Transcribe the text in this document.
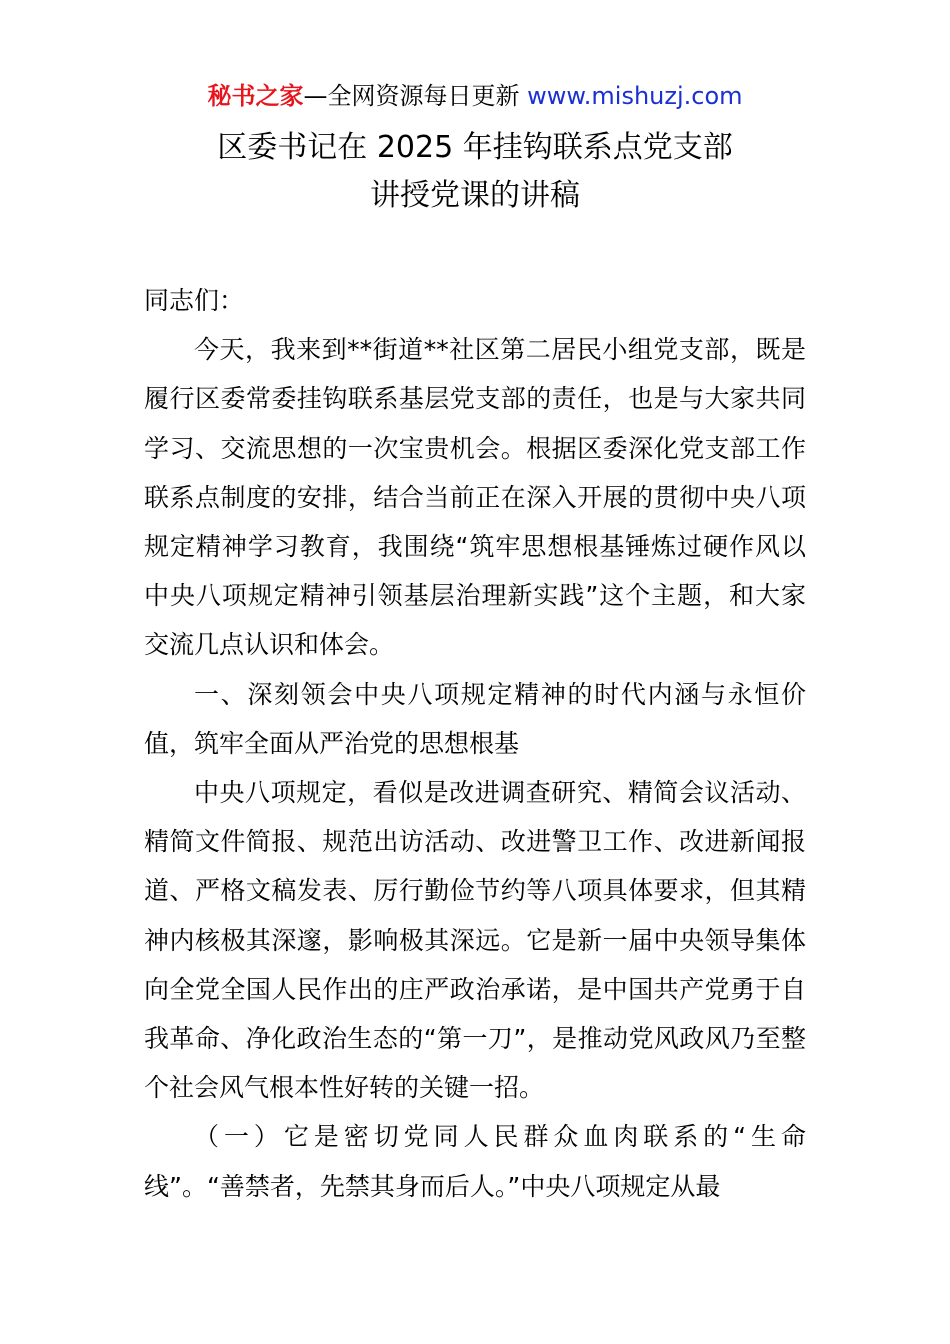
秘书之家—全网资源每日更新 www.mishuzj.com
区委书记在 2025 年挂钩联系点党支部
讲授党课的讲稿

同志们：

今天，我来到**街道**社区第二居民小组党支部，既是履行区委常委挂钩联系基层党支部的责任，也是与大家共同学习、交流思想的一次宝贵机会。根据区委深化党支部工作联系点制度的安排，结合当前正在深入开展的贯彻中央八项规定精神学习教育，我围绕“筑牢思想根基锤炼过硬作风以中央八项规定精神引领基层治理新实践”这个主题，和大家交流几点认识和体会。

一、深刻领会中央八项规定精神的时代内涵与永恒价值，筑牢全面从严治党的思想根基

中央八项规定，看似是改进调查研究、精简会议活动、精简文件简报、规范出访活动、改进警卫工作、改进新闻报道、严格文稿发表、厉行勤俭节约等八项具体要求，但其精神内核极其深邃，影响极其深远。它是新一届中央领导集体向全党全国人民作出的庄严政治承诺，是中国共产党勇于自我革命、净化政治生态的“第一刀”，是推动党风政风乃至整个社会风气根本性好转的关键一招。

（一）它是密切党同人民群众血肉联系的“生命线”。“善禁者，先禁其身而后人。”中央八项规定从最
